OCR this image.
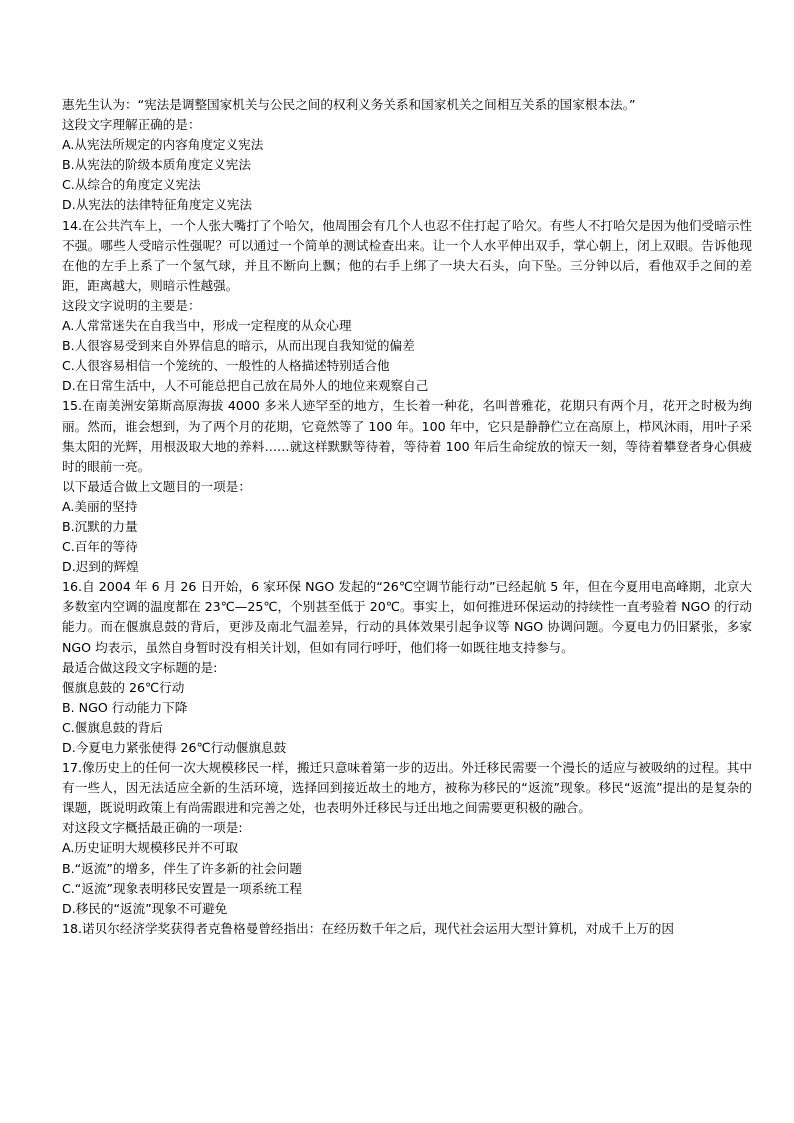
惠先生认为：“宪法是调整国家机关与公民之间的权利义务关系和国家机关之间相互关系的国家根本法。”
这段文字理解正确的是：
A.从宪法所规定的内容角度定义宪法
B.从宪法的阶级本质角度定义宪法
C.从综合的角度定义宪法
D.从宪法的法律特征角度定义宪法
14.在公共汽车上，一个人张大嘴打了个哈欠，他周围会有几个人也忍不住打起了哈欠。有些人不打哈欠是因为他们受暗示性不强。哪些人受暗示性强呢？可以通过一个简单的测试检查出来。让一个人水平伸出双手，掌心朝上，闭上双眼。告诉他现在他的左手上系了一个氢气球，并且不断向上飘；他的右手上绑了一块大石头，向下坠。三分钟以后，看他双手之间的差距，距离越大，则暗示性越强。
这段文字说明的主要是：
A.人常常迷失在自我当中，形成一定程度的从众心理
B.人很容易受到来自外界信息的暗示，从而出现自我知觉的偏差
C.人很容易相信一个笼统的、一般性的人格描述特别适合他
D.在日常生活中，人不可能总把自己放在局外人的地位来观察自己
15.在南美洲安第斯高原海拔 4000 多米人迹罕至的地方，生长着一种花，名叫普雅花，花期只有两个月，花开之时极为绚丽。然而，谁会想到，为了两个月的花期，它竟然等了 100 年。100 年中，它只是静静伫立在高原上，栉风沐雨，用叶子采集太阳的光辉，用根汲取大地的养料……就这样默默等待着，等待着 100 年后生命绽放的惊天一刻，等待着攀登者身心俱疲时的眼前一亮。
以下最适合做上文题目的一项是：
A.美丽的坚持
B.沉默的力量
C.百年的等待
D.迟到的辉煌
16.自 2004 年 6 月 26 日开始，6 家环保 NGO 发起的“26℃空调节能行动”已经起航 5 年，但在今夏用电高峰期，北京大多数室内空调的温度都在 23℃—25℃，个别甚至低于 20℃。事实上，如何推进环保运动的持续性一直考验着 NGO 的行动能力。而在偃旗息鼓的背后，更涉及南北气温差异，行动的具体效果引起争议等 NGO 协调问题。今夏电力仍旧紧张，多家 NGO 均表示，虽然自身暂时没有相关计划，但如有同行呼吁，他们将一如既往地支持参与。
最适合做这段文字标题的是:
偃旗息鼓的 26℃行动
B. NGO 行动能力下降
C.偃旗息鼓的背后
D.今夏电力紧张使得 26℃行动偃旗息鼓
17.像历史上的任何一次大规模移民一样，搬迁只意味着第一步的迈出。外迁移民需要一个漫长的适应与被吸纳的过程。其中有一些人，因无法适应全新的生活环境，选择回到接近故土的地方，被称为移民的“返流”现象。移民“返流”提出的是复杂的课题，既说明政策上有尚需跟进和完善之处，也表明外迁移民与迁出地之间需要更积极的融合。
对这段文字概括最正确的一项是:
A.历史证明大规模移民并不可取
B.“返流”的增多，伴生了许多新的社会问题
C.“返流”现象表明移民安置是一项系统工程
D.移民的“返流”现象不可避免
18.诺贝尔经济学奖获得者克鲁格曼曾经指出：在经历数千年之后，现代社会运用大型计算机，对成千上万的因
